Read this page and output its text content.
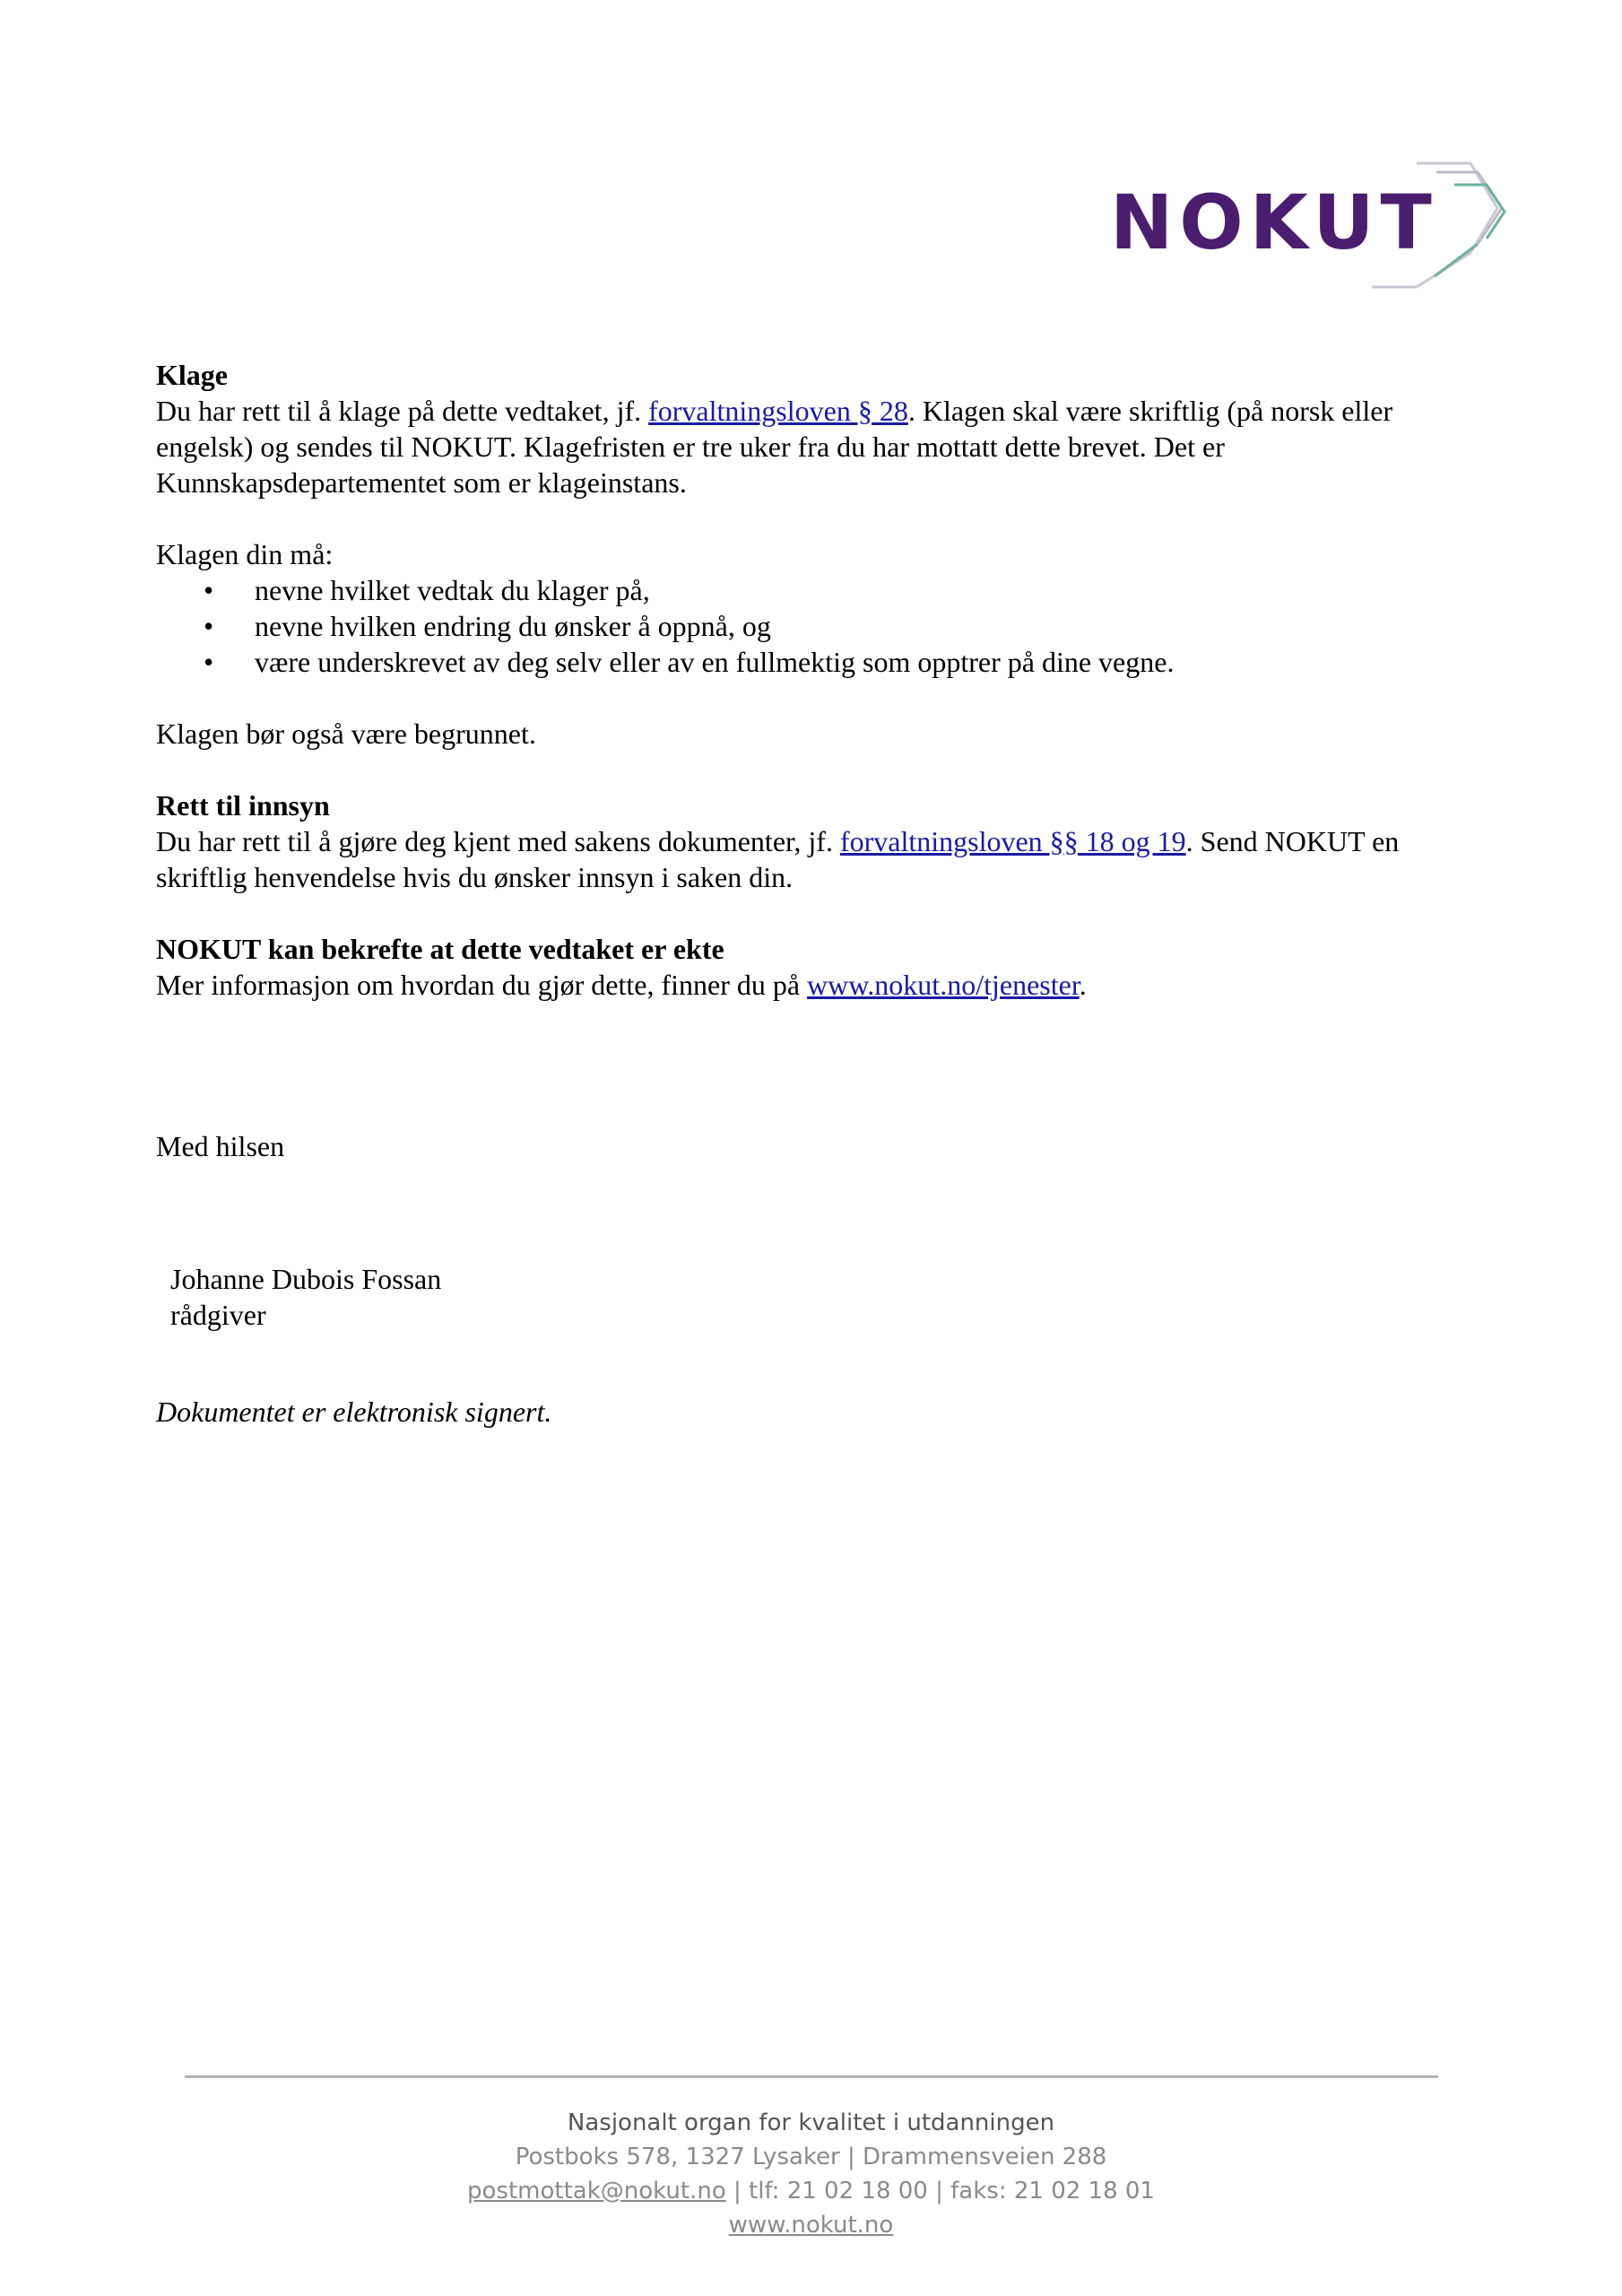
NOKUT

Klage

Du har rett til å klage på dette vedtaket, jf. forvaltningsloven § 28. Klagen skal være skriftlig (på norsk eller engelsk) og sendes til NOKUT. Klagefristen er tre uker fra du har mottatt dette brevet. Det er Kunnskapsdepartementet som er klageinstans.

Klagen din må:

• nevne hvilket vedtak du klager på,
• nevne hvilken endring du ønsker å oppnå, og
• være underskrevet av deg selv eller av en fullmektig som opptrer på dine vegne.

Klagen bør også være begrunnet.

Rett til innsyn

Du har rett til å gjøre deg kjent med sakens dokumenter, jf. forvaltningsloven §§ 18 og 19. Send NOKUT en skriftlig henvendelse hvis du ønsker innsyn i saken din.

NOKUT kan bekrefte at dette vedtaket er ekte

Mer informasjon om hvordan du gjør dette, finner du på www.nokut.no/tjenester.

Med hilsen
Johanne Dubois Fossan
rådgiver
Dokumentet er elektronisk signert.
Nasjonalt organ for kvalitet i utdanningen
Postboks 578, 1327 Lysaker | Drammensveien 288
postmottak@nokut.no | tlf: 21 02 18 00 | faks: 21 02 18 01
www.nokut.no
